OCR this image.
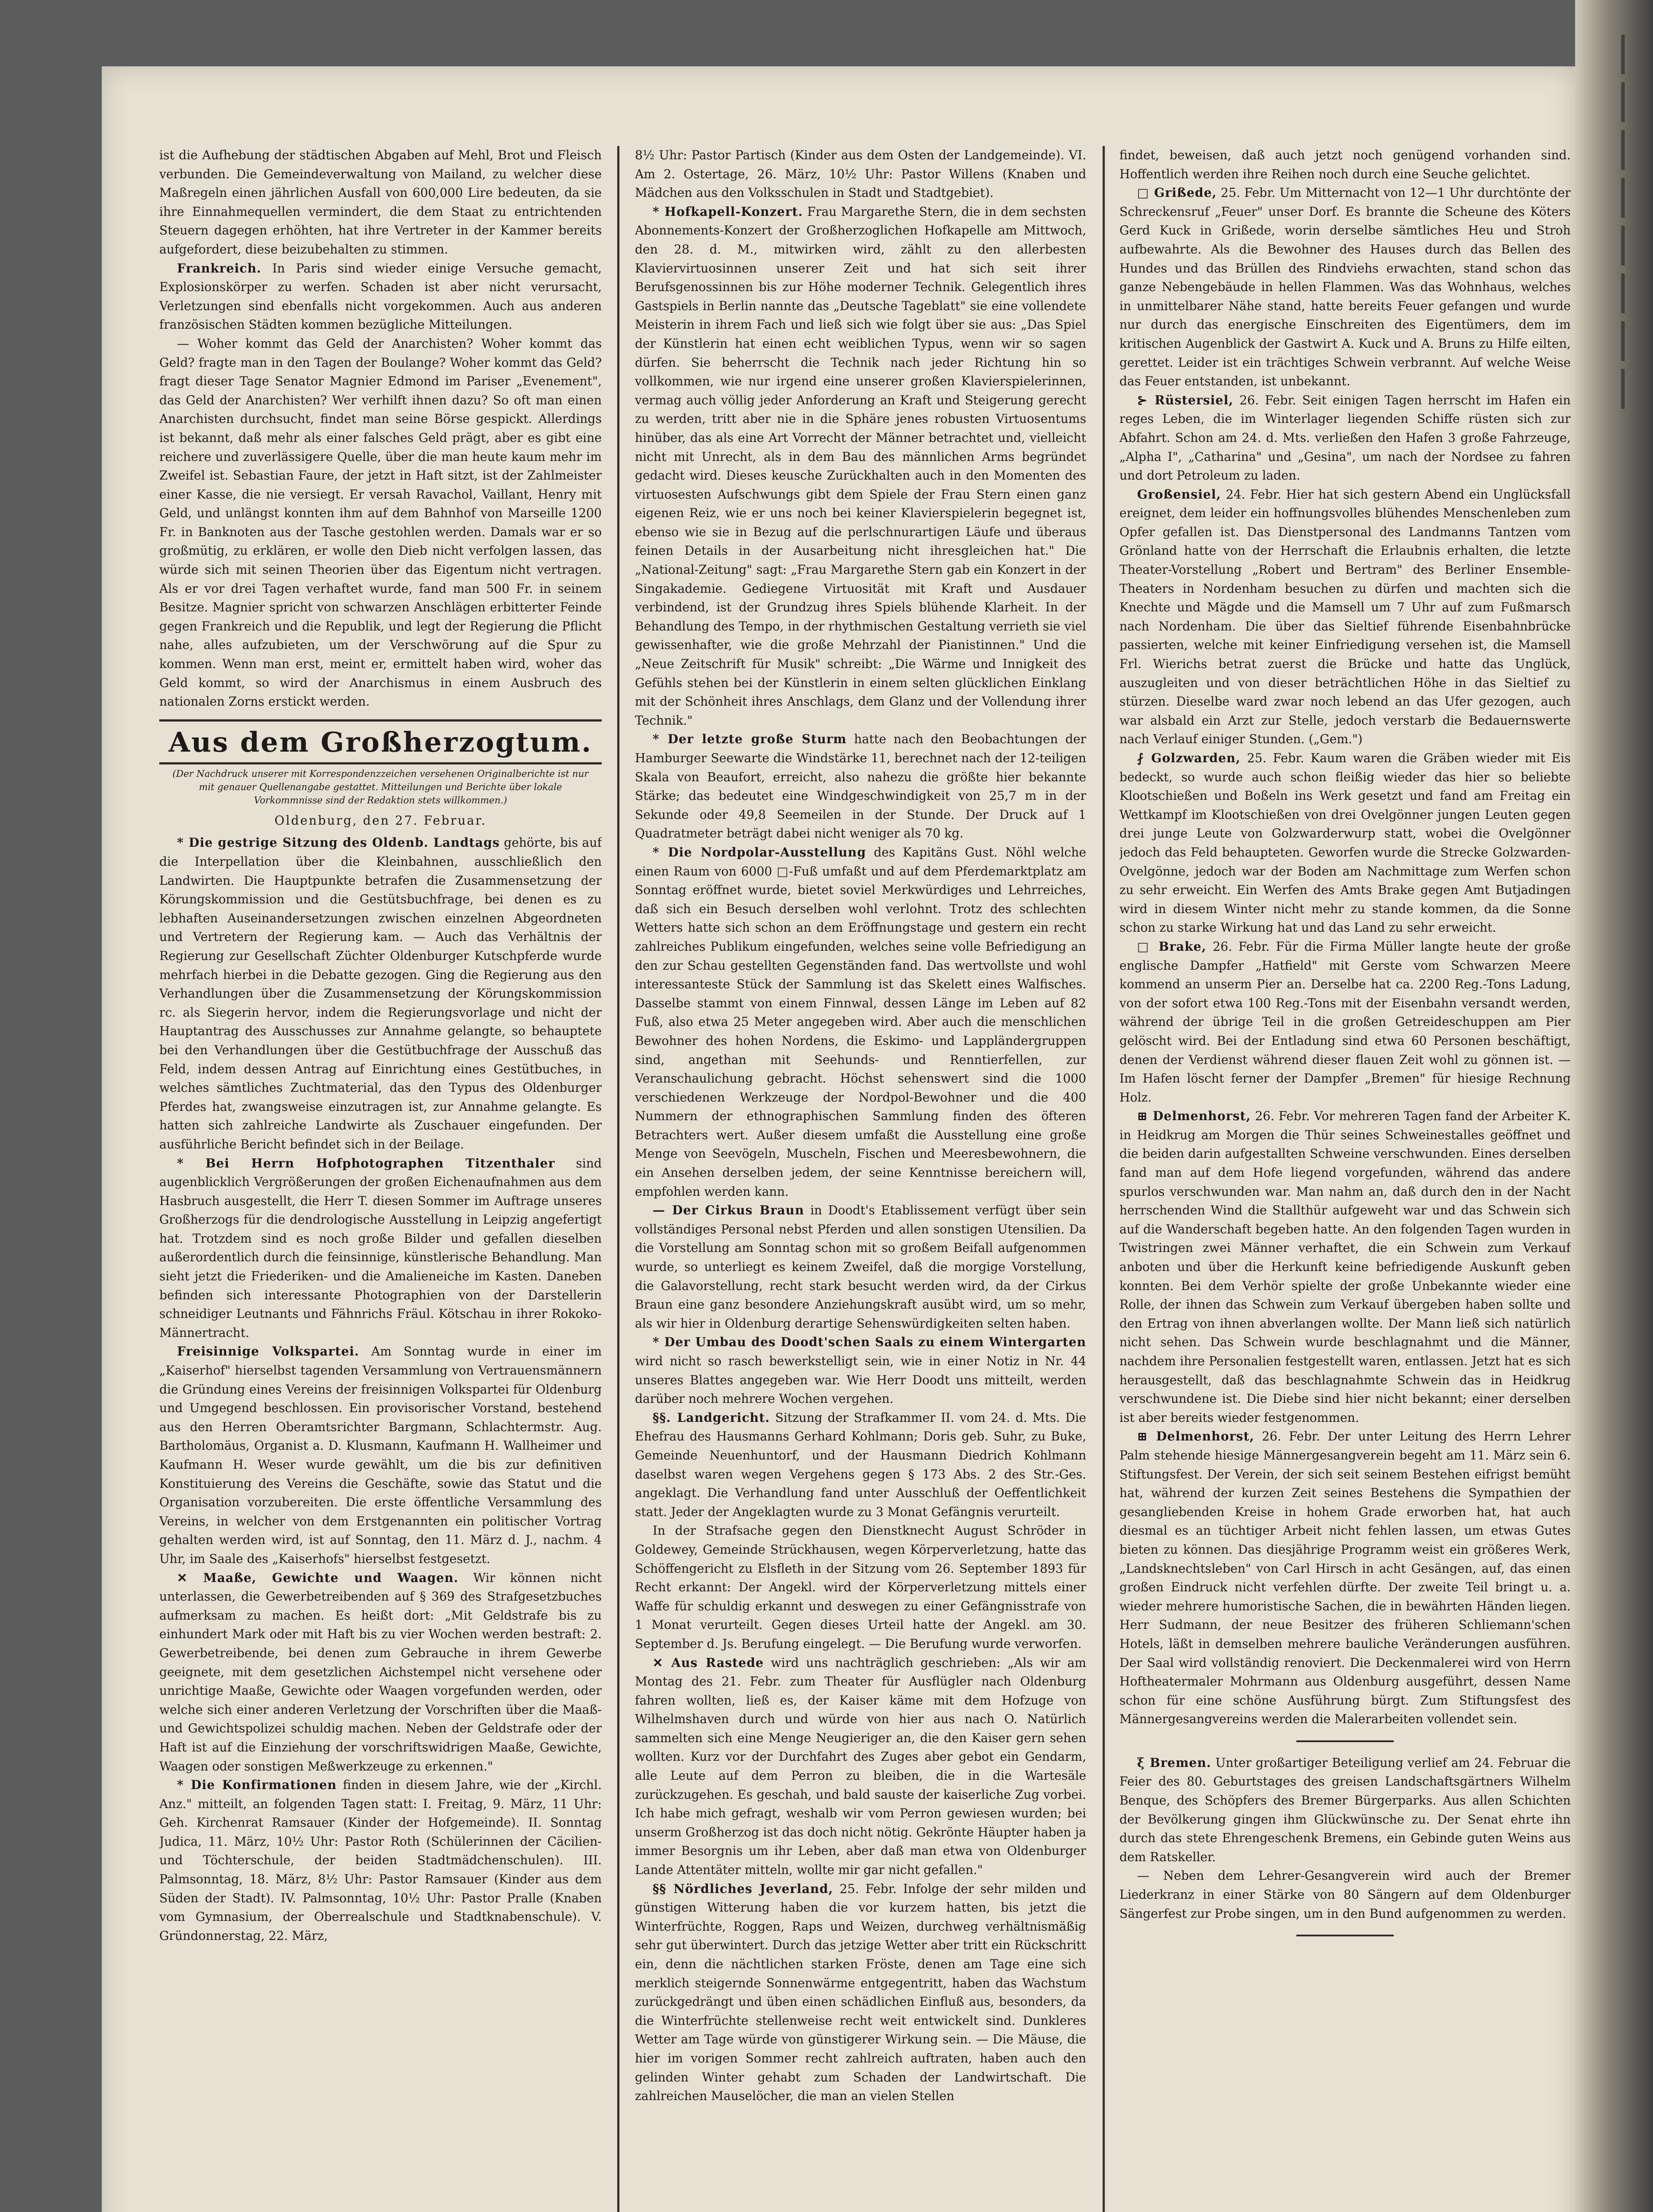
ist die Aufhebung der städtischen Abgaben auf Mehl, Brot und Fleisch verbunden. Die Gemeindeverwaltung von Mailand, zu welcher diese Maßregeln einen jährlichen Ausfall von 600,000 Lire bedeuten, da sie ihre Einnahmequellen vermindert, die dem Staat zu entrichtenden Steuern dagegen erhöhten, hat ihre Vertreter in der Kammer bereits aufgefordert, diese beizubehalten zu stimmen.

Frankreich. In Paris sind wieder einige Versuche gemacht, Explosionskörper zu werfen. Schaden ist aber nicht verursacht, Verletzungen sind ebenfalls nicht vorgekommen. Auch aus anderen französischen Städten kommen bezügliche Mitteilungen.

— Woher kommt das Geld der Anarchisten? Woher kommt das Geld? fragte man in den Tagen der Boulange? Woher kommt das Geld? fragt dieser Tage Senator Magnier Edmond im Pariser „Evenement", das Geld der Anarchisten? Wer verhilft ihnen dazu? So oft man einen Anarchisten durchsucht, findet man seine Börse gespickt. Allerdings ist bekannt, daß mehr als einer falsches Geld prägt, aber es gibt eine reichere und zuverlässigere Quelle, über die man heute kaum mehr im Zweifel ist. Sebastian Faure, der jetzt in Haft sitzt, ist der Zahlmeister einer Kasse, die nie versiegt. Er versah Ravachol, Vaillant, Henry mit Geld, und unlängst konnten ihm auf dem Bahnhof von Marseille 1200 Fr. in Banknoten aus der Tasche gestohlen werden. Damals war er so großmütig, zu erklären, er wolle den Dieb nicht verfolgen lassen, das würde sich mit seinen Theorien über das Eigentum nicht vertragen. Als er vor drei Tagen verhaftet wurde, fand man 500 Fr. in seinem Besitze. Magnier spricht von schwarzen Anschlägen erbitterter Feinde gegen Frankreich und die Republik, und legt der Regierung die Pflicht nahe, alles aufzubieten, um der Verschwörung auf die Spur zu kommen. Wenn man erst, meint er, ermittelt haben wird, woher das Geld kommt, so wird der Anarchismus in einem Ausbruch des nationalen Zorns erstickt werden.

Aus dem Großherzogtum.
(Der Nachdruck unserer mit Korrespondenzzeichen versehenen Originalberichte ist nur mit genauer Quellenangabe gestattet. Mitteilungen und Berichte über lokale Vorkommnisse sind der Redaktion stets willkommen.)
Oldenburg, den 27. Februar.

* Die gestrige Sitzung des Oldenb. Landtags gehörte, bis auf die Interpellation über die Kleinbahnen, ausschließlich den Landwirten. Die Hauptpunkte betrafen die Zusammensetzung der Körungskommission und die Gestütsbuchfrage, bei denen es zu lebhaften Auseinandersetzungen zwischen einzelnen Abgeordneten und Vertretern der Regierung kam. — Auch das Verhältnis der Regierung zur Gesellschaft Züchter Oldenburger Kutschpferde wurde mehrfach hierbei in die Debatte gezogen. Ging die Regierung aus den Verhandlungen über die Zusammensetzung der Körungskommission rc. als Siegerin hervor, indem die Regierungsvorlage und nicht der Hauptantrag des Ausschusses zur Annahme gelangte, so behauptete bei den Verhandlungen über die Gestütbuchfrage der Ausschuß das Feld, indem dessen Antrag auf Einrichtung eines Gestütbuches, in welches sämtliches Zuchtmaterial, das den Typus des Oldenburger Pferdes hat, zwangsweise einzutragen ist, zur Annahme gelangte. Es hatten sich zahlreiche Landwirte als Zuschauer eingefunden. Der ausführliche Bericht befindet sich in der Beilage.

* Bei Herrn Hofphotographen Titzenthaler sind augenblicklich Vergrößerungen der großen Eichenaufnahmen aus dem Hasbruch ausgestellt, die Herr T. diesen Sommer im Auftrage unseres Großherzogs für die dendrologische Ausstellung in Leipzig angefertigt hat. Trotzdem sind es noch große Bilder und gefallen dieselben außerordentlich durch die feinsinnige, künstlerische Behandlung. Man sieht jetzt die Friederiken- und die Amalieneiche im Kasten. Daneben befinden sich interessante Photographien von der Darstellerin schneidiger Leutnants und Fähnrichs Fräul. Kötschau in ihrer Rokoko-Männertracht.

Freisinnige Volkspartei. Am Sonntag wurde in einer im „Kaiserhof" hierselbst tagenden Versammlung von Vertrauensmännern die Gründung eines Vereins der freisinnigen Volkspartei für Oldenburg und Umgegend beschlossen. Ein provisorischer Vorstand, bestehend aus den Herren Oberamtsrichter Bargmann, Schlachtermstr. Aug. Bartholomäus, Organist a. D. Klusmann, Kaufmann H. Wallheimer und Kaufmann H. Weser wurde gewählt, um die bis zur definitiven Konstituierung des Vereins die Geschäfte, sowie das Statut und die Organisation vorzubereiten. Die erste öffentliche Versammlung des Vereins, in welcher von dem Erstgenannten ein politischer Vortrag gehalten werden wird, ist auf Sonntag, den 11. März d. J., nachm. 4 Uhr, im Saale des „Kaiserhofs" hierselbst festgesetzt.

✕ Maaße, Gewichte und Waagen. Wir können nicht unterlassen, die Gewerbetreibenden auf § 369 des Strafgesetzbuches aufmerksam zu machen. Es heißt dort: „Mit Geldstrafe bis zu einhundert Mark oder mit Haft bis zu vier Wochen werden bestraft: 2. Gewerbetreibende, bei denen zum Gebrauche in ihrem Gewerbe geeignete, mit dem gesetzlichen Aichstempel nicht versehene oder unrichtige Maaße, Gewichte oder Waagen vorgefunden werden, oder welche sich einer anderen Verletzung der Vorschriften über die Maaß- und Gewichtspolizei schuldig machen. Neben der Geldstrafe oder der Haft ist auf die Einziehung der vorschriftswidrigen Maaße, Gewichte, Waagen oder sonstigen Meßwerkzeuge zu erkennen."

* Die Konfirmationen finden in diesem Jahre, wie der „Kirchl. Anz." mitteilt, an folgenden Tagen statt: I. Freitag, 9. März, 11 Uhr: Geh. Kirchenrat Ramsauer (Kinder der Hofgemeinde). II. Sonntag Judica, 11. März, 10½ Uhr: Pastor Roth (Schülerinnen der Cäcilien- und Töchterschule, der beiden Stadtmädchenschulen). III. Palmsonntag, 18. März, 8½ Uhr: Pastor Ramsauer (Kinder aus dem Süden der Stadt). IV. Palmsonntag, 10½ Uhr: Pastor Pralle (Knaben vom Gymnasium, der Oberrealschule und Stadtknabenschule). V. Gründonnerstag, 22. März,

8½ Uhr: Pastor Partisch (Kinder aus dem Osten der Landgemeinde). VI. Am 2. Ostertage, 26. März, 10½ Uhr: Pastor Willens (Knaben und Mädchen aus den Volksschulen in Stadt und Stadtgebiet).

* Hofkapell-Konzert. Frau Margarethe Stern, die in dem sechsten Abonnements-Konzert der Großherzoglichen Hofkapelle am Mittwoch, den 28. d. M., mitwirken wird, zählt zu den allerbesten Klaviervirtuosinnen unserer Zeit und hat sich seit ihrer Berufsgenossinnen bis zur Höhe moderner Technik. Gelegentlich ihres Gastspiels in Berlin nannte das „Deutsche Tageblatt" sie eine vollendete Meisterin in ihrem Fach und ließ sich wie folgt über sie aus: „Das Spiel der Künstlerin hat einen echt weiblichen Typus, wenn wir so sagen dürfen. Sie beherrscht die Technik nach jeder Richtung hin so vollkommen, wie nur irgend eine unserer großen Klavierspielerinnen, vermag auch völlig jeder Anforderung an Kraft und Steigerung gerecht zu werden, tritt aber nie in die Sphäre jenes robusten Virtuosentums hinüber, das als eine Art Vorrecht der Männer betrachtet und, vielleicht nicht mit Unrecht, als in dem Bau des männlichen Arms begründet gedacht wird. Dieses keusche Zurückhalten auch in den Momenten des virtuosesten Aufschwungs gibt dem Spiele der Frau Stern einen ganz eigenen Reiz, wie er uns noch bei keiner Klavierspielerin begegnet ist, ebenso wie sie in Bezug auf die perlschnurartigen Läufe und überaus feinen Details in der Ausarbeitung nicht ihresgleichen hat." Die „National-Zeitung" sagt: „Frau Margarethe Stern gab ein Konzert in der Singakademie. Gediegene Virtuosität mit Kraft und Ausdauer verbindend, ist der Grundzug ihres Spiels blühende Klarheit. In der Behandlung des Tempo, in der rhythmischen Gestaltung verrieth sie viel gewissenhafter, wie die große Mehrzahl der Pianistinnen." Und die „Neue Zeitschrift für Musik" schreibt: „Die Wärme und Innigkeit des Gefühls stehen bei der Künstlerin in einem selten glücklichen Einklang mit der Schönheit ihres Anschlags, dem Glanz und der Vollendung ihrer Technik."

* Der letzte große Sturm hatte nach den Beobachtungen der Hamburger Seewarte die Windstärke 11, berechnet nach der 12-teiligen Skala von Beaufort, erreicht, also nahezu die größte hier bekannte Stärke; das bedeutet eine Windgeschwindigkeit von 25,7 m in der Sekunde oder 49,8 Seemeilen in der Stunde. Der Druck auf 1 Quadratmeter beträgt dabei nicht weniger als 70 kg.

* Die Nordpolar-Ausstellung des Kapitäns Gust. Nöhl welche einen Raum von 6000 □-Fuß umfaßt und auf dem Pferdemarktplatz am Sonntag eröffnet wurde, bietet soviel Merkwürdiges und Lehrreiches, daß sich ein Besuch derselben wohl verlohnt. Trotz des schlechten Wetters hatte sich schon an dem Eröffnungstage und gestern ein recht zahlreiches Publikum eingefunden, welches seine volle Befriedigung an den zur Schau gestellten Gegenständen fand. Das wertvollste und wohl interessanteste Stück der Sammlung ist das Skelett eines Walfisches. Dasselbe stammt von einem Finnwal, dessen Länge im Leben auf 82 Fuß, also etwa 25 Meter angegeben wird. Aber auch die menschlichen Bewohner des hohen Nordens, die Eskimo- und Lappländergruppen sind, angethan mit Seehunds- und Renntierfellen, zur Veranschaulichung gebracht. Höchst sehenswert sind die 1000 verschiedenen Werkzeuge der Nordpol-Bewohner und die 400 Nummern der ethnographischen Sammlung finden des öfteren Betrachters wert. Außer diesem umfaßt die Ausstellung eine große Menge von Seevögeln, Muscheln, Fischen und Meeresbewohnern, die ein Ansehen derselben jedem, der seine Kenntnisse bereichern will, empfohlen werden kann.

— Der Cirkus Braun in Doodt's Etablissement verfügt über sein vollständiges Personal nebst Pferden und allen sonstigen Utensilien. Da die Vorstellung am Sonntag schon mit so großem Beifall aufgenommen wurde, so unterliegt es keinem Zweifel, daß die morgige Vorstellung, die Galavorstellung, recht stark besucht werden wird, da der Cirkus Braun eine ganz besondere Anziehungskraft ausübt wird, um so mehr, als wir hier in Oldenburg derartige Sehenswürdigkeiten selten haben.

* Der Umbau des Doodt'schen Saals zu einem Wintergarten wird nicht so rasch bewerkstelligt sein, wie in einer Notiz in Nr. 44 unseres Blattes angegeben war. Wie Herr Doodt uns mitteilt, werden darüber noch mehrere Wochen vergehen.

§§. Landgericht. Sitzung der Strafkammer II. vom 24. d. Mts. Die Ehefrau des Hausmanns Gerhard Kohlmann; Doris geb. Suhr, zu Buke, Gemeinde Neuenhuntorf, und der Hausmann Diedrich Kohlmann daselbst waren wegen Vergehens gegen § 173 Abs. 2 des Str.-Ges. angeklagt. Die Verhandlung fand unter Ausschluß der Oeffentlichkeit statt. Jeder der Angeklagten wurde zu 3 Monat Gefängnis verurteilt.

In der Strafsache gegen den Dienstknecht August Schröder in Goldewey, Gemeinde Strückhausen, wegen Körperverletzung, hatte das Schöffengericht zu Elsfleth in der Sitzung vom 26. September 1893 für Recht erkannt: Der Angekl. wird der Körperverletzung mittels einer Waffe für schuldig erkannt und deswegen zu einer Gefängnisstrafe von 1 Monat verurteilt. Gegen dieses Urteil hatte der Angekl. am 30. September d. Js. Berufung eingelegt. — Die Berufung wurde verworfen.

✕ Aus Rastede wird uns nachträglich geschrieben: „Als wir am Montag des 21. Febr. zum Theater für Ausflügler nach Oldenburg fahren wollten, ließ es, der Kaiser käme mit dem Hofzuge von Wilhelmshaven durch und würde von hier aus nach O. Natürlich sammelten sich eine Menge Neugieriger an, die den Kaiser gern sehen wollten. Kurz vor der Durchfahrt des Zuges aber gebot ein Gendarm, alle Leute auf dem Perron zu bleiben, die in die Wartesäle zurückzugehen. Es geschah, und bald sauste der kaiserliche Zug vorbei. Ich habe mich gefragt, weshalb wir vom Perron gewiesen wurden; bei unserm Großherzog ist das doch nicht nötig. Gekrönte Häupter haben ja immer Besorgnis um ihr Leben, aber daß man etwa von Oldenburger Lande Attentäter mitteln, wollte mir gar nicht gefallen."

§§ Nördliches Jeverland, 25. Febr. Infolge der sehr milden und günstigen Witterung haben die vor kurzem hatten, bis jetzt die Winterfrüchte, Roggen, Raps und Weizen, durchweg verhältnismäßig sehr gut überwintert. Durch das jetzige Wetter aber tritt ein Rückschritt ein, denn die nächtlichen starken Fröste, denen am Tage eine sich merklich steigernde Sonnenwärme entgegentritt, haben das Wachstum zurückgedrängt und üben einen schädlichen Einfluß aus, besonders, da die Winterfrüchte stellenweise recht weit entwickelt sind. Dunkleres Wetter am Tage würde von günstigerer Wirkung sein. — Die Mäuse, die hier im vorigen Sommer recht zahlreich auftraten, haben auch den gelinden Winter gehabt zum Schaden der Landwirtschaft. Die zahlreichen Mauselöcher, die man an vielen Stellen

findet, beweisen, daß auch jetzt noch genügend vorhanden sind. Hoffentlich werden ihre Reihen noch durch eine Seuche gelichtet.

□ Grißede, 25. Febr. Um Mitternacht von 12—1 Uhr durchtönte der Schreckensruf „Feuer" unser Dorf. Es brannte die Scheune des Köters Gerd Kuck in Grißede, worin derselbe sämtliches Heu und Stroh aufbewahrte. Als die Bewohner des Hauses durch das Bellen des Hundes und das Brüllen des Rindviehs erwachten, stand schon das ganze Nebengebäude in hellen Flammen. Was das Wohnhaus, welches in unmittelbarer Nähe stand, hatte bereits Feuer gefangen und wurde nur durch das energische Einschreiten des Eigentümers, dem im kritischen Augenblick der Gastwirt A. Kuck und A. Bruns zu Hilfe eilten, gerettet. Leider ist ein trächtiges Schwein verbrannt. Auf welche Weise das Feuer entstanden, ist unbekannt.

⊱ Rüstersiel, 26. Febr. Seit einigen Tagen herrscht im Hafen ein reges Leben, die im Winterlager liegenden Schiffe rüsten sich zur Abfahrt. Schon am 24. d. Mts. verließen den Hafen 3 große Fahrzeuge, „Alpha I", „Catharina" und „Gesina", um nach der Nordsee zu fahren und dort Petroleum zu laden.

Großensiel, 24. Febr. Hier hat sich gestern Abend ein Unglücksfall ereignet, dem leider ein hoffnungsvolles blühendes Menschenleben zum Opfer gefallen ist. Das Dienstpersonal des Landmanns Tantzen vom Grönland hatte von der Herrschaft die Erlaubnis erhalten, die letzte Theater-Vorstellung „Robert und Bertram" des Berliner Ensemble-Theaters in Nordenham besuchen zu dürfen und machten sich die Knechte und Mägde und die Mamsell um 7 Uhr auf zum Fußmarsch nach Nordenham. Die über das Sieltief führende Eisenbahnbrücke passierten, welche mit keiner Einfriedigung versehen ist, die Mamsell Frl. Wierichs betrat zuerst die Brücke und hatte das Unglück, auszugleiten und von dieser beträchtlichen Höhe in das Sieltief zu stürzen. Dieselbe ward zwar noch lebend an das Ufer gezogen, auch war alsbald ein Arzt zur Stelle, jedoch verstarb die Bedauernswerte nach Verlauf einiger Stunden. („Gem.")

⨏ Golzwarden, 25. Febr. Kaum waren die Gräben wieder mit Eis bedeckt, so wurde auch schon fleißig wieder das hier so beliebte Klootschießen und Boßeln ins Werk gesetzt und fand am Freitag ein Wettkampf im Klootschießen von drei Ovelgönner jungen Leuten gegen drei junge Leute von Golzwarderwurp statt, wobei die Ovelgönner jedoch das Feld behaupteten. Geworfen wurde die Strecke Golzwarden-Ovelgönne, jedoch war der Boden am Nachmittage zum Werfen schon zu sehr erweicht. Ein Werfen des Amts Brake gegen Amt Butjadingen wird in diesem Winter nicht mehr zu stande kommen, da die Sonne schon zu starke Wirkung hat und das Land zu sehr erweicht.

□ Brake, 26. Febr. Für die Firma Müller langte heute der große englische Dampfer „Hatfield" mit Gerste vom Schwarzen Meere kommend an unserm Pier an. Derselbe hat ca. 2200 Reg.-Tons Ladung, von der sofort etwa 100 Reg.-Tons mit der Eisenbahn versandt werden, während der übrige Teil in die großen Getreideschuppen am Pier gelöscht wird. Bei der Entladung sind etwa 60 Personen beschäftigt, denen der Verdienst während dieser flauen Zeit wohl zu gönnen ist. — Im Hafen löscht ferner der Dampfer „Bremen" für hiesige Rechnung Holz.

⊞ Delmenhorst, 26. Febr. Vor mehreren Tagen fand der Arbeiter K. in Heidkrug am Morgen die Thür seines Schweinestalles geöffnet und die beiden darin aufgestallten Schweine verschwunden. Eines derselben fand man auf dem Hofe liegend vorgefunden, während das andere spurlos verschwunden war. Man nahm an, daß durch den in der Nacht herrschenden Wind die Stallthür aufgeweht war und das Schwein sich auf die Wanderschaft begeben hatte. An den folgenden Tagen wurden in Twistringen zwei Männer verhaftet, die ein Schwein zum Verkauf anboten und über die Herkunft keine befriedigende Auskunft geben konnten. Bei dem Verhör spielte der große Unbekannte wieder eine Rolle, der ihnen das Schwein zum Verkauf übergeben haben sollte und den Ertrag von ihnen abverlangen wollte. Der Mann ließ sich natürlich nicht sehen. Das Schwein wurde beschlagnahmt und die Männer, nachdem ihre Personalien festgestellt waren, entlassen. Jetzt hat es sich herausgestellt, daß das beschlagnahmte Schwein das in Heidkrug verschwundene ist. Die Diebe sind hier nicht bekannt; einer derselben ist aber bereits wieder festgenommen.

⊞ Delmenhorst, 26. Febr. Der unter Leitung des Herrn Lehrer Palm stehende hiesige Männergesangverein begeht am 11. März sein 6. Stiftungsfest. Der Verein, der sich seit seinem Bestehen eifrigst bemüht hat, während der kurzen Zeit seines Bestehens die Sympathien der gesangliebenden Kreise in hohem Grade erworben hat, hat auch diesmal es an tüchtiger Arbeit nicht fehlen lassen, um etwas Gutes bieten zu können. Das diesjährige Programm weist ein größeres Werk, „Landsknechtsleben" von Carl Hirsch in acht Gesängen, auf, das einen großen Eindruck nicht verfehlen dürfte. Der zweite Teil bringt u. a. wieder mehrere humoristische Sachen, die in bewährten Händen liegen. Herr Sudmann, der neue Besitzer des früheren Schliemann'schen Hotels, läßt in demselben mehrere bauliche Veränderungen ausführen. Der Saal wird vollständig renoviert. Die Deckenmalerei wird von Herrn Hoftheatermaler Mohrmann aus Oldenburg ausgeführt, dessen Name schon für eine schöne Ausführung bürgt. Zum Stiftungsfest des Männergesangvereins werden die Malerarbeiten vollendet sein.

ξ Bremen. Unter großartiger Beteiligung verlief am 24. Februar die Feier des 80. Geburtstages des greisen Landschaftsgärtners Wilhelm Benque, des Schöpfers des Bremer Bürgerparks. Aus allen Schichten der Bevölkerung gingen ihm Glückwünsche zu. Der Senat ehrte ihn durch das stete Ehrengeschenk Bremens, ein Gebinde guten Weins aus dem Ratskeller.

— Neben dem Lehrer-Gesangverein wird auch der Bremer Liederkranz in einer Stärke von 80 Sängern auf dem Oldenburger Sängerfest zur Probe singen, um in den Bund aufgenommen zu werden.
